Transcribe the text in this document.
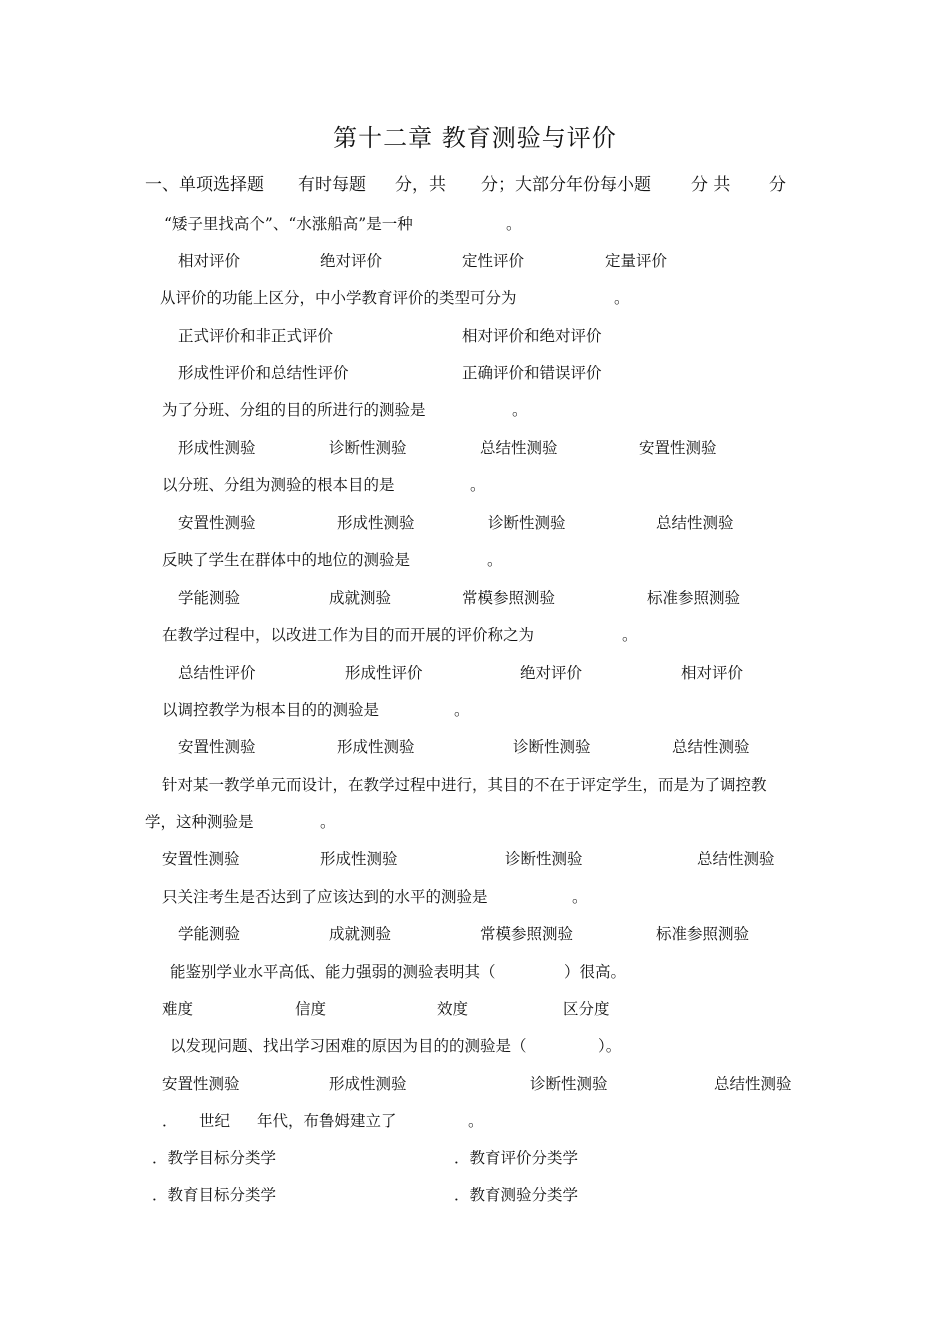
第十二章 教育测验与评价
一、单项选择题 有时每题 分，共 分；大部分年份每小题 分 共 分
“矮子里找高个”、“水涨船高”是一种	。
相对评价	绝对评价	定性评价	定量评价
从评价的功能上区分，中小学教育评价的类型可分为	。
正式评价和非正式评价	相对评价和绝对评价
形成性评价和总结性评价	正确评价和错误评价
为了分班、分组的目的所进行的测验是	。
形成性测验	诊断性测验	总结性测验	安置性测验
以分班、分组为测验的根本目的是	。
安置性测验	形成性测验	诊断性测验	总结性测验
反映了学生在群体中的地位的测验是	。
学能测验	成就测验	常模参照测验	标准参照测验
在教学过程中，以改进工作为目的而开展的评价称之为	。
总结性评价	形成性评价	绝对评价	相对评价
以调控教学为根本目的的测验是	。
安置性测验	形成性测验	诊断性测验	总结性测验
针对某一教学单元而设计，在教学过程中进行，其目的不在于评定学生，而是为了调控教
学，这种测验是	。
安置性测验	形成性测验	诊断性测验	总结性测验
只关注考生是否达到了应该达到的水平的测验是	。
学能测验	成就测验	常模参照测验	标准参照测验
能鉴别学业水平高低、能力强弱的测验表明其（	）很高。
难度	信度	效度	区分度
以发现问题、找出学习困难的原因为目的的测验是（	）。
安置性测验	形成性测验	诊断性测验	总结性测验
． 世纪 年代，布鲁姆建立了	。
．教学目标分类学	．教育评价分类学
．教育目标分类学	．教育测验分类学
